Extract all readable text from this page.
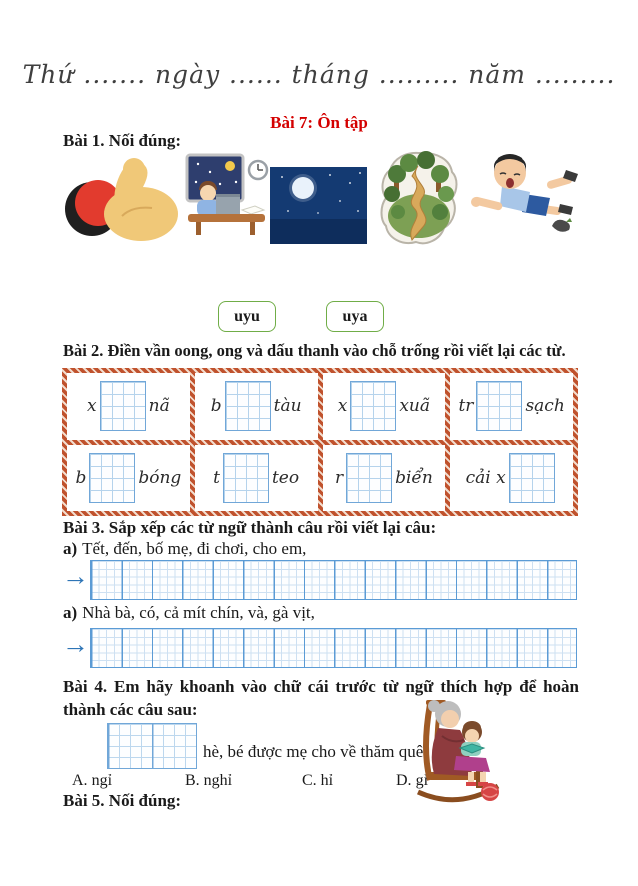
Thứ ....... ngày ...... tháng ......... năm .........
Bài 7: Ôn tập
Bài 1. Nối đúng:
uyu	uya
Bài 2. Điền vần oong, ong và dấu thanh vào chỗ trống rồi viết lại các từ.
x	nã b	tàu x	xuã tr	sạch
b	bóng t	teo r	biển cải x
Bài 3. Sắp xếp các từ ngữ thành câu rồi viết lại câu:
a) Tết, đến, bố mẹ, đi chơi, cho em,
→
a) Nhà bà, có, cả mít chín, và, gà vịt,
→
Bài 4. Em hãy khoanh vào chữ cái trước từ ngữ thích hợp để hoàn thành các câu sau:
hè, bé được mẹ cho về thăm quê.
A. ngỉ	B. nghỉ	C. hỉ	D. gỉ
Bài 5. Nối đúng:
